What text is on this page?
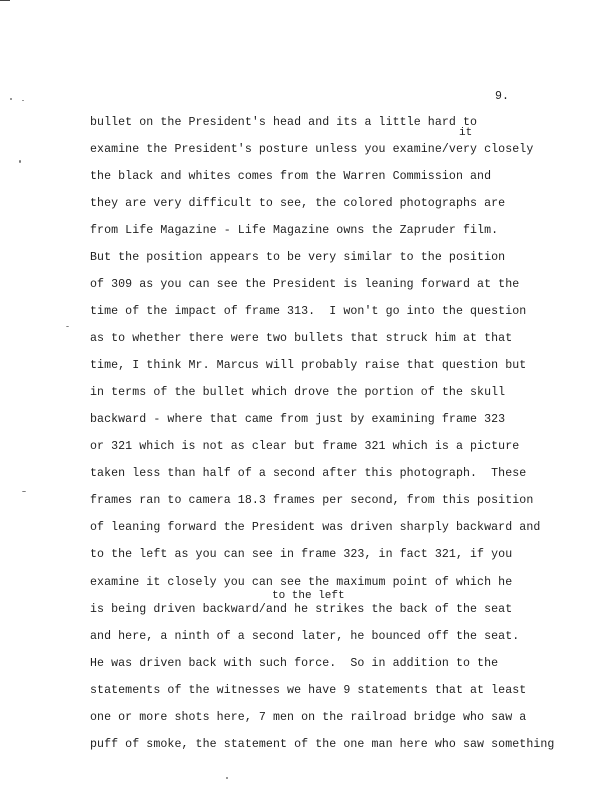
9.
it
to the left
bullet on the President's head and its a little hard to
examine the President's posture unless you examine/very closely
the black and whites comes from the Warren Commission and
they are very difficult to see, the colored photographs are
from Life Magazine - Life Magazine owns the Zapruder film.
But the position appears to be very similar to the position
of 309 as you can see the President is leaning forward at the
time of the impact of frame 313.  I won't go into the question
as to whether there were two bullets that struck him at that
time, I think Mr. Marcus will probably raise that question but
in terms of the bullet which drove the portion of the skull
backward - where that came from just by examining frame 323
or 321 which is not as clear but frame 321 which is a picture
taken less than half of a second after this photograph.  These
frames ran to camera 18.3 frames per second, from this position
of leaning forward the President was driven sharply backward and
to the left as you can see in frame 323, in fact 321, if you
examine it closely you can see the maximum point of which he
is being driven backward/and he strikes the back of the seat
and here, a ninth of a second later, he bounced off the seat.
He was driven back with such force.  So in addition to the
statements of the witnesses we have 9 statements that at least
one or more shots here, 7 men on the railroad bridge who saw a
puff of smoke, the statement of the one man here who saw something
